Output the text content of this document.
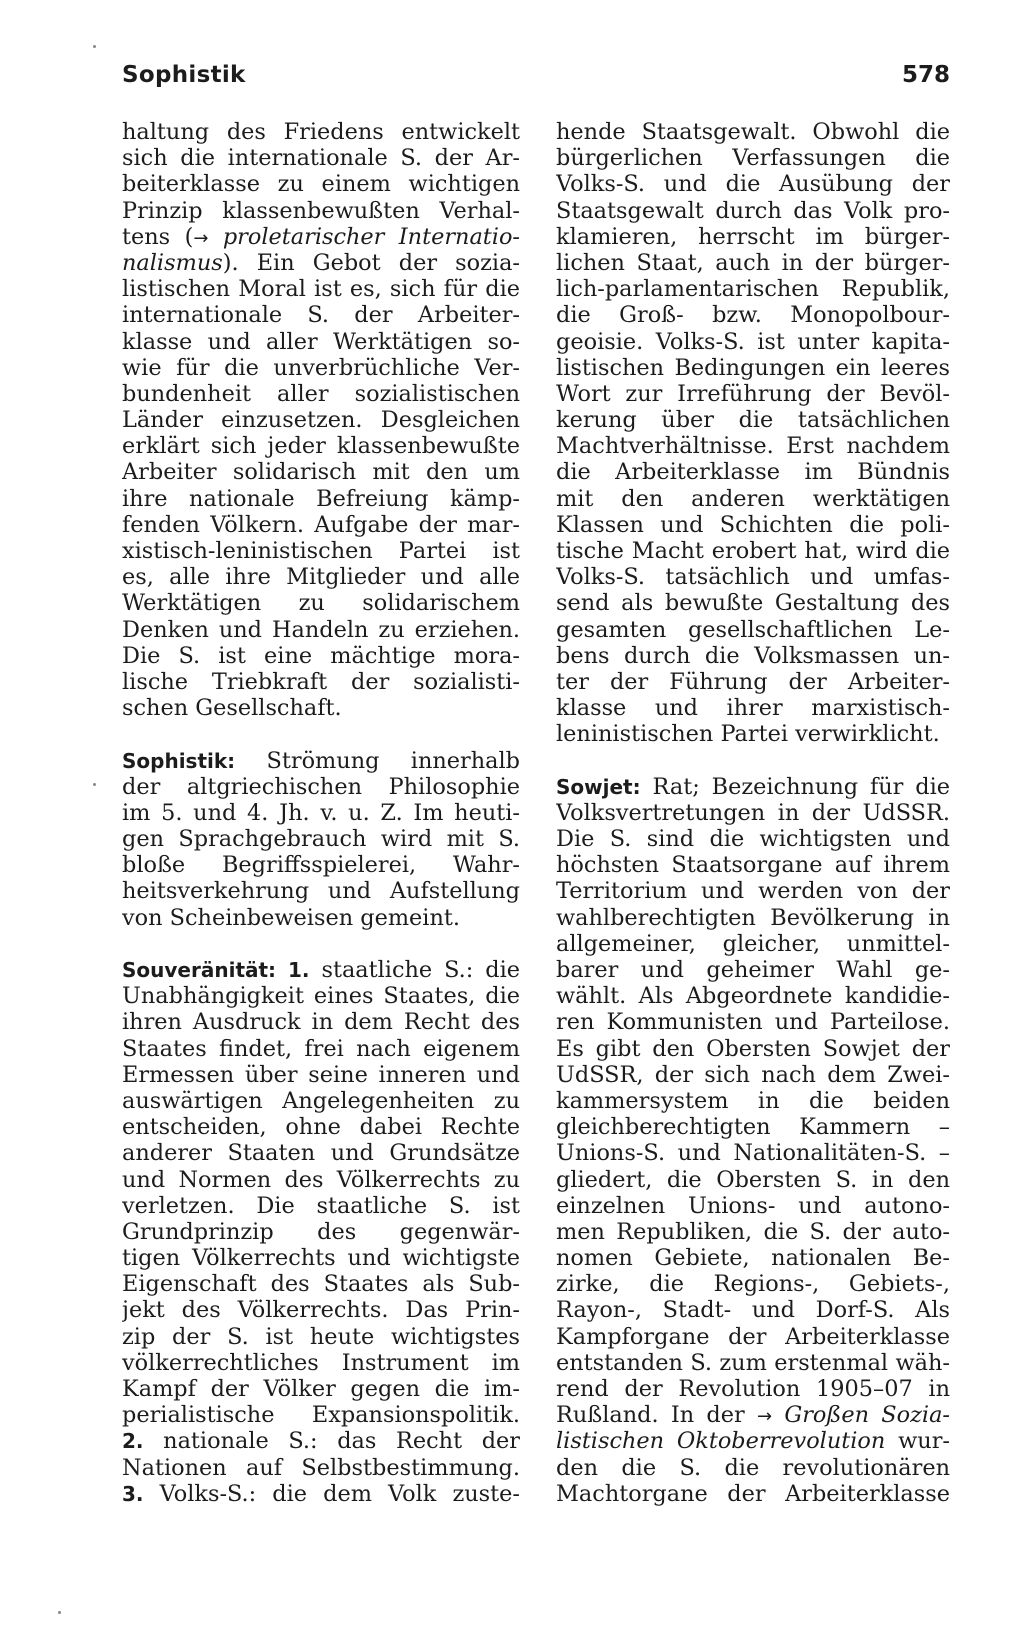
Sophistik	578
haltung des Friedens entwickelt
sich die internationale S. der Ar-
beiterklasse zu einem wichtigen
Prinzip klassenbewußten Verhal-
tens (→ proletarischer Internatio-
nalismus). Ein Gebot der sozia-
listischen Moral ist es, sich für die
internationale S. der Arbeiter-
klasse und aller Werktätigen so-
wie für die unverbrüchliche Ver-
bundenheit aller sozialistischen
Länder einzusetzen. Desgleichen
erklärt sich jeder klassenbewußte
Arbeiter solidarisch mit den um
ihre nationale Befreiung kämp-
fenden Völkern. Aufgabe der mar-
xistisch-leninistischen Partei ist
es, alle ihre Mitglieder und alle
Werktätigen zu solidarischem
Denken und Handeln zu erziehen.
Die S. ist eine mächtige mora-
lische Triebkraft der sozialisti-
schen Gesellschaft.
Sophistik: Strömung innerhalb
der altgriechischen Philosophie
im 5. und 4. Jh. v. u. Z. Im heuti-
gen Sprachgebrauch wird mit S.
bloße Begriffsspielerei, Wahr-
heitsverkehrung und Aufstellung
von Scheinbeweisen gemeint.
Souveränität: 1. staatliche S.: die
Unabhängigkeit eines Staates, die
ihren Ausdruck in dem Recht des
Staates findet, frei nach eigenem
Ermessen über seine inneren und
auswärtigen Angelegenheiten zu
entscheiden, ohne dabei Rechte
anderer Staaten und Grundsätze
und Normen des Völkerrechts zu
verletzen. Die staatliche S. ist
Grundprinzip des gegenwär-
tigen Völkerrechts und wichtigste
Eigenschaft des Staates als Sub-
jekt des Völkerrechts. Das Prin-
zip der S. ist heute wichtigstes
völkerrechtliches Instrument im
Kampf der Völker gegen die im-
perialistische Expansionspolitik.
2. nationale S.: das Recht der
Nationen auf Selbstbestimmung.
3. Volks-S.: die dem Volk zuste-
hende Staatsgewalt. Obwohl die
bürgerlichen Verfassungen die
Volks-S. und die Ausübung der
Staatsgewalt durch das Volk pro-
klamieren, herrscht im bürger-
lichen Staat, auch in der bürger-
lich-parlamentarischen Republik,
die Groß- bzw. Monopolbour-
geoisie. Volks-S. ist unter kapita-
listischen Bedingungen ein leeres
Wort zur Irreführung der Bevöl-
kerung über die tatsächlichen
Machtverhältnisse. Erst nachdem
die Arbeiterklasse im Bündnis
mit den anderen werktätigen
Klassen und Schichten die poli-
tische Macht erobert hat, wird die
Volks-S. tatsächlich und umfas-
send als bewußte Gestaltung des
gesamten gesellschaftlichen Le-
bens durch die Volksmassen un-
ter der Führung der Arbeiter-
klasse und ihrer marxistisch-
leninistischen Partei verwirklicht.
Sowjet: Rat; Bezeichnung für die
Volksvertretungen in der UdSSR.
Die S. sind die wichtigsten und
höchsten Staatsorgane auf ihrem
Territorium und werden von der
wahlberechtigten Bevölkerung in
allgemeiner, gleicher, unmittel-
barer und geheimer Wahl ge-
wählt. Als Abgeordnete kandidie-
ren Kommunisten und Parteilose.
Es gibt den Obersten Sowjet der
UdSSR, der sich nach dem Zwei-
kammersystem in die beiden
gleichberechtigten Kammern –
Unions-S. und Nationalitäten-S. –
gliedert, die Obersten S. in den
einzelnen Unions- und autono-
men Republiken, die S. der auto-
nomen Gebiete, nationalen Be-
zirke, die Regions-, Gebiets-,
Rayon-, Stadt- und Dorf-S. Als
Kampforgane der Arbeiterklasse
entstanden S. zum erstenmal wäh-
rend der Revolution 1905–07 in
Rußland. In der → Großen Sozia-
listischen Oktoberrevolution wur-
den die S. die revolutionären
Machtorgane der Arbeiterklasse
